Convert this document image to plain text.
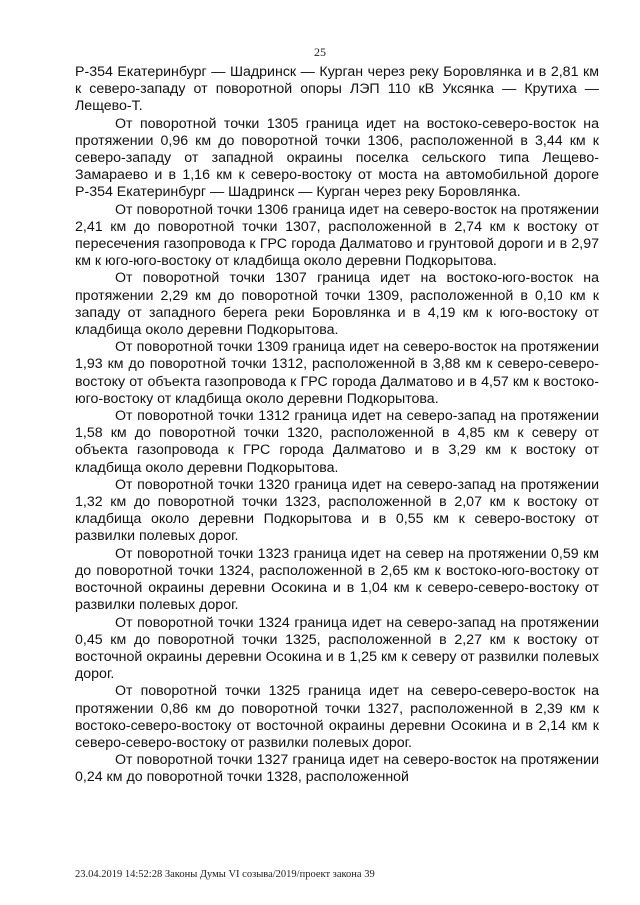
25

Р-354 Екатеринбург — Шадринск — Курган через реку Боровлянка и в 2,81 км к северо-западу от поворотной опоры ЛЭП 110 кВ Уксянка — Крутиха — Лещево-Т.

От поворотной точки 1305 граница идет на востоко-северо-восток на протяжении 0,96 км до поворотной точки 1306, расположенной в 3,44 км к северо-западу от западной окраины поселка сельского типа Лещево-Замараево и в 1,16 км к северо-востоку от моста на автомобильной дороге Р-354 Екатеринбург — Шадринск — Курган через реку Боровлянка.

От поворотной точки 1306 граница идет на северо-восток на протяжении 2,41 км до поворотной точки 1307, расположенной в 2,74 км к востоку от пересечения газопровода к ГРС города Далматово и грунтовой дороги и в 2,97 км к юго-юго-востоку от кладбища около деревни Подкорытова.

От поворотной точки 1307 граница идет на востоко-юго-восток на протяжении 2,29 км до поворотной точки 1309, расположенной в 0,10 км к западу от западного берега реки Боровлянка и в 4,19 км к юго-востоку от кладбища около деревни Подкорытова.

От поворотной точки 1309 граница идет на северо-восток на протяжении 1,93 км до поворотной точки 1312, расположенной в 3,88 км к северо-северо-востоку от объекта газопровода к ГРС города Далматово и в 4,57 км к востоко-юго-востоку от кладбища около деревни Подкорытова.

От поворотной точки 1312 граница идет на северо-запад на протяжении 1,58 км до поворотной точки 1320, расположенной в 4,85 км к северу от объекта газопровода к ГРС города Далматово и в 3,29 км к востоку от кладбища около деревни Подкорытова.

От поворотной точки 1320 граница идет на северо-запад на протяжении 1,32 км до поворотной точки 1323, расположенной в 2,07 км к востоку от кладбища около деревни Подкорытова и в 0,55 км к северо-востоку от развилки полевых дорог.

От поворотной точки 1323 граница идет на север на протяжении 0,59 км до поворотной точки 1324, расположенной в 2,65 км к востоко-юго-востоку от восточной окраины деревни Осокина и в 1,04 км к северо-северо-востоку от развилки полевых дорог.

От поворотной точки 1324 граница идет на северо-запад на протяжении 0,45 км до поворотной точки 1325, расположенной в 2,27 км к востоку от восточной окраины деревни Осокина и в 1,25 км к северу от развилки полевых дорог.

От поворотной точки 1325 граница идет на северо-северо-восток на протяжении 0,86 км до поворотной точки 1327, расположенной в 2,39 км к востоко-северо-востоку от восточной окраины деревни Осокина и в 2,14 км к северо-северо-востоку от развилки полевых дорог.

От поворотной точки 1327 граница идет на северо-восток на протяжении 0,24 км до поворотной точки 1328, расположенной

23.04.2019 14:52:28 Законы Думы VI созыва/2019/проект закона 39
